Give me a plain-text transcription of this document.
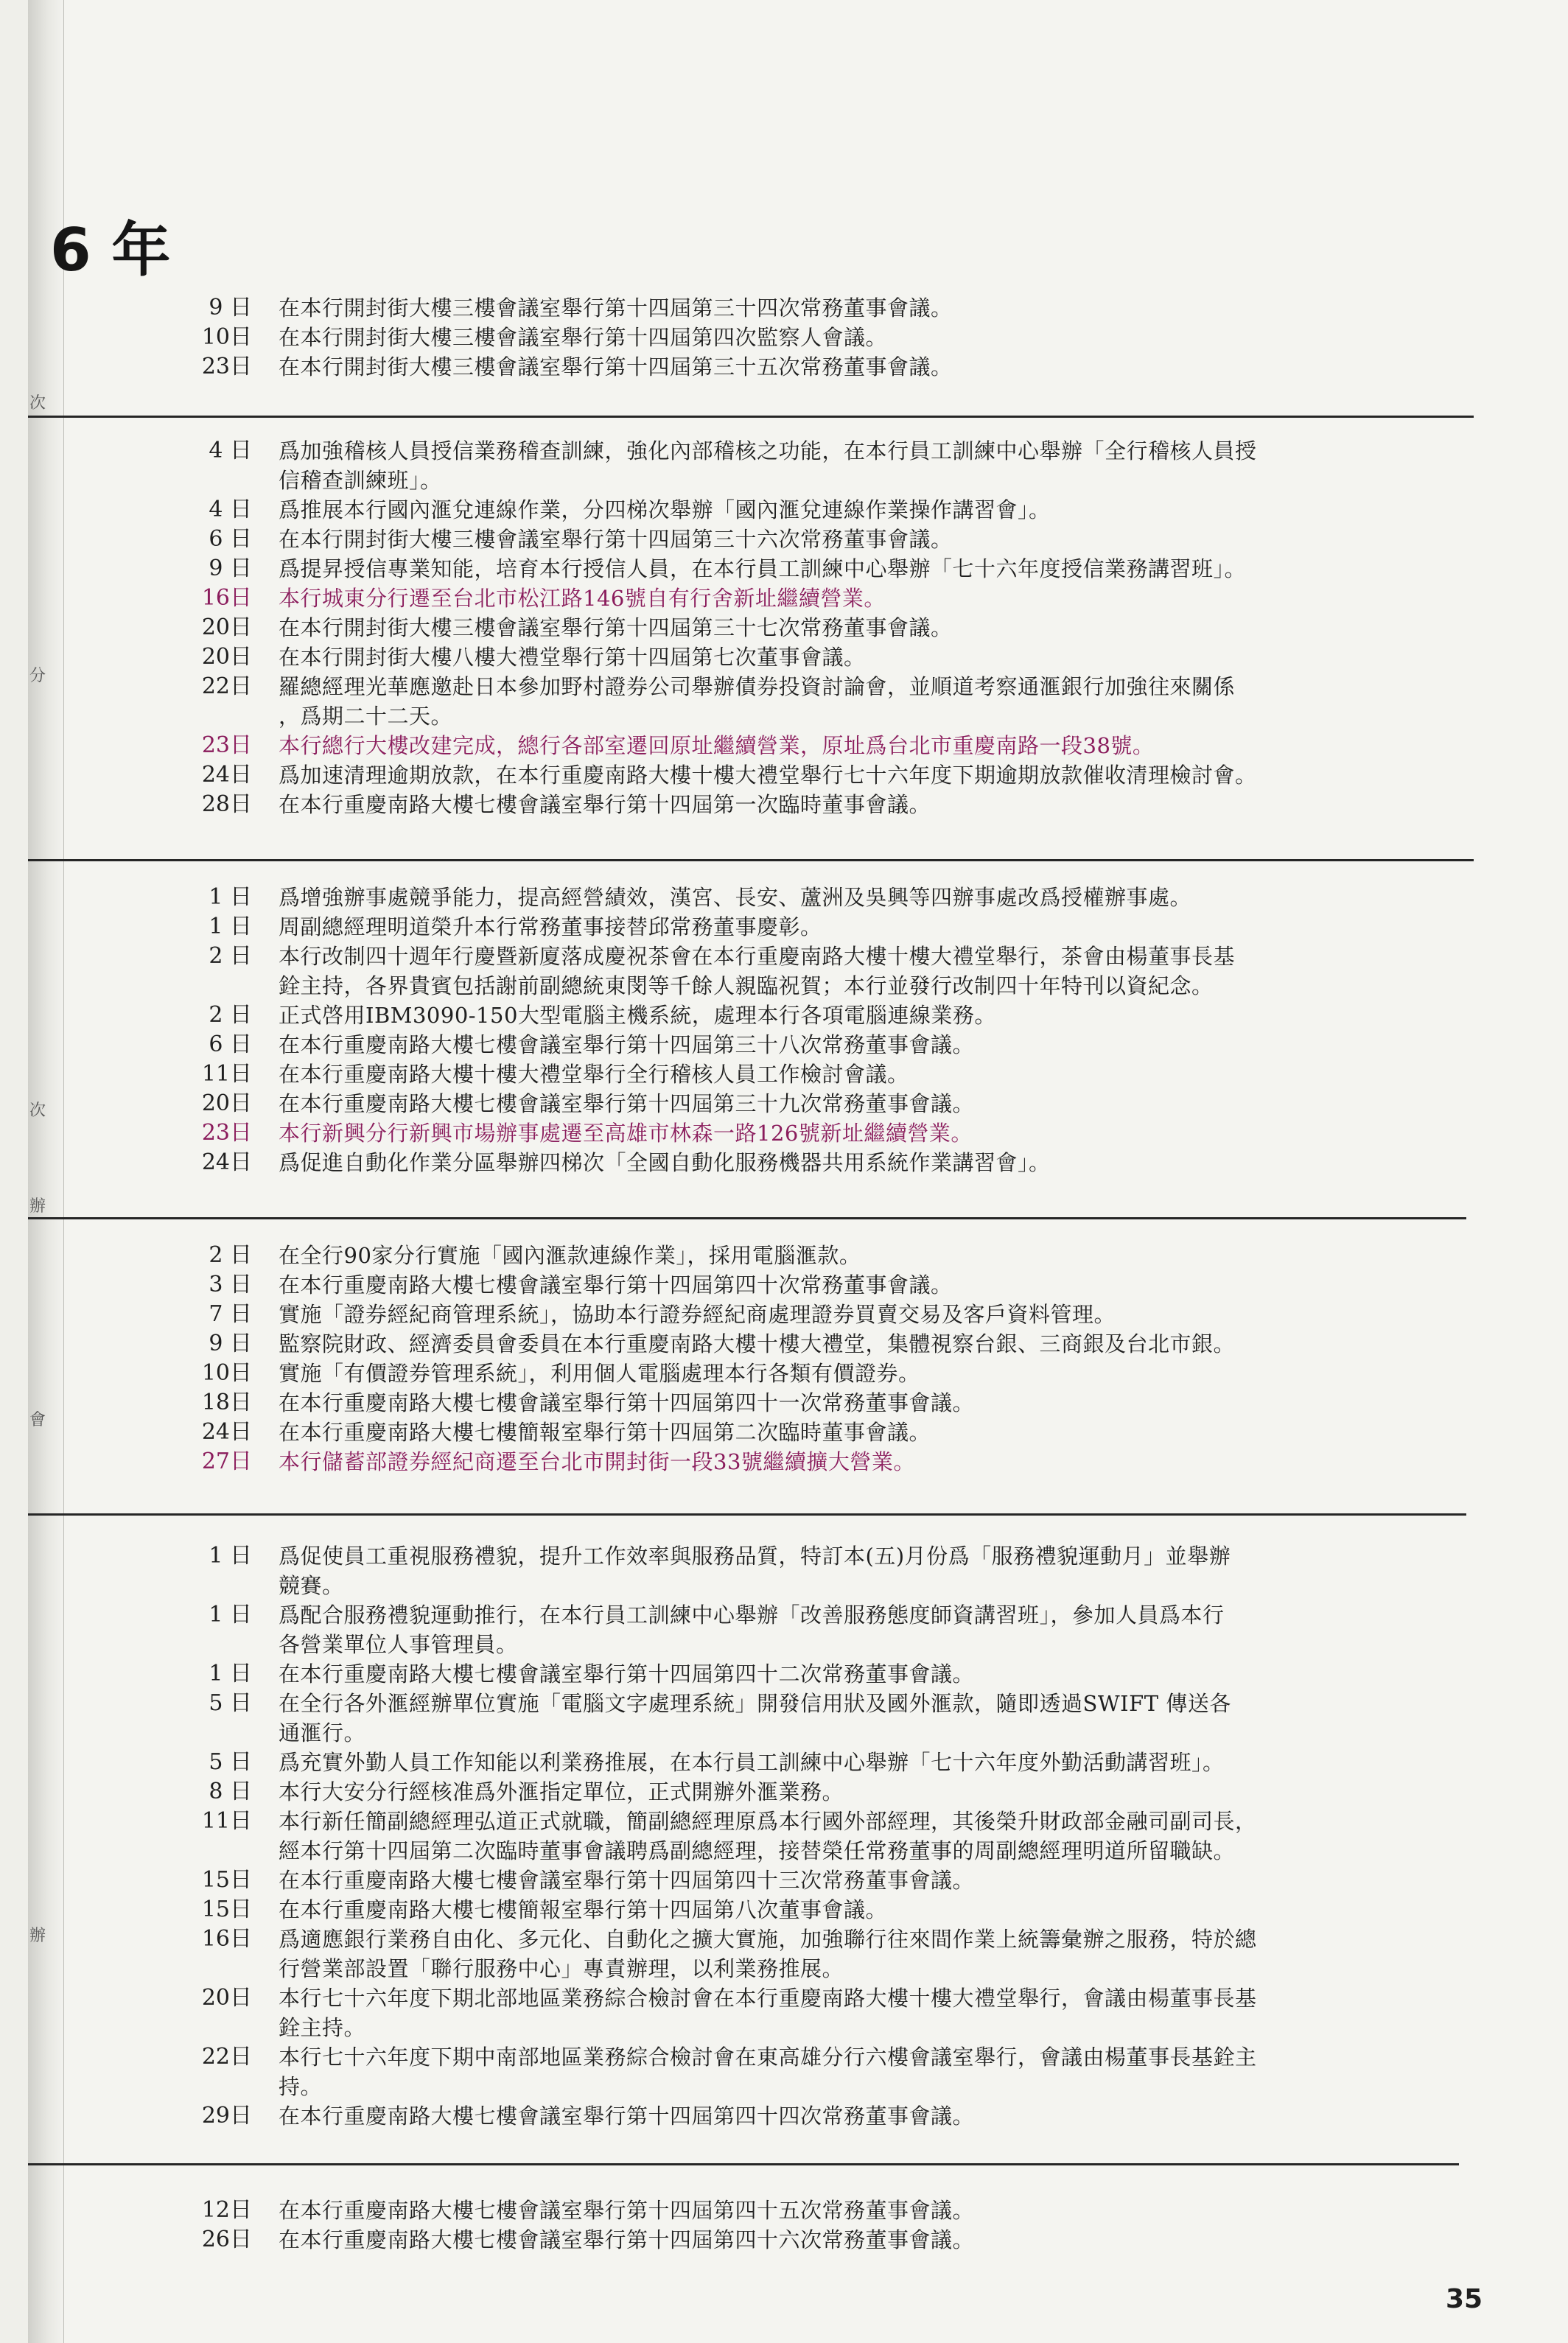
次
分
次
辦
會
辦
6 年
9 日 在本行開封街大樓三樓會議室舉行第十四屆第三十四次常務董事會議。
10日 在本行開封街大樓三樓會議室舉行第十四屆第四次監察人會議。
23日 在本行開封街大樓三樓會議室舉行第十四屆第三十五次常務董事會議。
4 日 爲加強稽核人員授信業務稽查訓練，強化內部稽核之功能，在本行員工訓練中心舉辦「全行稽核人員授
信稽查訓練班」。
4 日 爲推展本行國內滙兌連線作業，分四梯次舉辦「國內滙兌連線作業操作講習會」。
6 日 在本行開封街大樓三樓會議室舉行第十四屆第三十六次常務董事會議。
9 日 爲提昇授信專業知能，培育本行授信人員，在本行員工訓練中心舉辦「七十六年度授信業務講習班」。
16日 本行城東分行遷至台北市松江路146號自有行舍新址繼續營業。
20日 在本行開封街大樓三樓會議室舉行第十四屆第三十七次常務董事會議。
20日 在本行開封街大樓八樓大禮堂舉行第十四屆第七次董事會議。
22日 羅總經理光華應邀赴日本參加野村證券公司舉辦債券投資討論會，並順道考察通滙銀行加強往來關係
，爲期二十二天。
23日 本行總行大樓改建完成，總行各部室遷回原址繼續營業，原址爲台北市重慶南路一段38號。
24日 爲加速清理逾期放款，在本行重慶南路大樓十樓大禮堂舉行七十六年度下期逾期放款催收清理檢討會。
28日 在本行重慶南路大樓七樓會議室舉行第十四屆第一次臨時董事會議。
1 日 爲增強辦事處競爭能力，提高經營績效，漢宮、長安、蘆洲及吳興等四辦事處改爲授權辦事處。
1 日 周副總經理明道榮升本行常務董事接替邱常務董事慶彰。
2 日 本行改制四十週年行慶暨新廈落成慶祝茶會在本行重慶南路大樓十樓大禮堂舉行，茶會由楊董事長基
銓主持，各界貴賓包括謝前副總統東閔等千餘人親臨祝賀；本行並發行改制四十年特刊以資紀念。
2 日 正式啓用IBM3090-150大型電腦主機系統，處理本行各項電腦連線業務。
6 日 在本行重慶南路大樓七樓會議室舉行第十四屆第三十八次常務董事會議。
11日 在本行重慶南路大樓十樓大禮堂舉行全行稽核人員工作檢討會議。
20日 在本行重慶南路大樓七樓會議室舉行第十四屆第三十九次常務董事會議。
23日 本行新興分行新興市場辦事處遷至高雄市林森一路126號新址繼續營業。
24日 爲促進自動化作業分區舉辦四梯次「全國自動化服務機器共用系統作業講習會」。
2 日 在全行90家分行實施「國內滙款連線作業」，採用電腦滙款。
3 日 在本行重慶南路大樓七樓會議室舉行第十四屆第四十次常務董事會議。
7 日 實施「證券經紀商管理系統」，協助本行證券經紀商處理證券買賣交易及客戶資料管理。
9 日 監察院財政、經濟委員會委員在本行重慶南路大樓十樓大禮堂，集體視察台銀、三商銀及台北市銀。
10日 實施「有價證券管理系統」，利用個人電腦處理本行各類有價證券。
18日 在本行重慶南路大樓七樓會議室舉行第十四屆第四十一次常務董事會議。
24日 在本行重慶南路大樓七樓簡報室舉行第十四屆第二次臨時董事會議。
27日 本行儲蓄部證券經紀商遷至台北市開封街一段33號繼續擴大營業。
1 日 爲促使員工重視服務禮貌，提升工作效率與服務品質，特訂本(五)月份爲「服務禮貌運動月」並舉辦
競賽。
1 日 爲配合服務禮貌運動推行，在本行員工訓練中心舉辦「改善服務態度師資講習班」，參加人員爲本行
各營業單位人事管理員。
1 日 在本行重慶南路大樓七樓會議室舉行第十四屆第四十二次常務董事會議。
5 日 在全行各外滙經辦單位實施「電腦文字處理系統」開發信用狀及國外滙款，隨即透過SWIFT 傳送各
通滙行。
5 日 爲充實外勤人員工作知能以利業務推展，在本行員工訓練中心舉辦「七十六年度外勤活動講習班」。
8 日 本行大安分行經核准爲外滙指定單位，正式開辦外滙業務。
11日 本行新任簡副總經理弘道正式就職，簡副總經理原爲本行國外部經理，其後榮升財政部金融司副司長，
經本行第十四屆第二次臨時董事會議聘爲副總經理，接替榮任常務董事的周副總經理明道所留職缺。
15日 在本行重慶南路大樓七樓會議室舉行第十四屆第四十三次常務董事會議。
15日 在本行重慶南路大樓七樓簡報室舉行第十四屆第八次董事會議。
16日 爲適應銀行業務自由化、多元化、自動化之擴大實施，加強聯行往來間作業上統籌彙辦之服務，特於總
行營業部設置「聯行服務中心」專責辦理，以利業務推展。
20日 本行七十六年度下期北部地區業務綜合檢討會在本行重慶南路大樓十樓大禮堂舉行，會議由楊董事長基
銓主持。
22日 本行七十六年度下期中南部地區業務綜合檢討會在東高雄分行六樓會議室舉行，會議由楊董事長基銓主
持。
29日 在本行重慶南路大樓七樓會議室舉行第十四屆第四十四次常務董事會議。
12日 在本行重慶南路大樓七樓會議室舉行第十四屆第四十五次常務董事會議。
26日 在本行重慶南路大樓七樓會議室舉行第十四屆第四十六次常務董事會議。
35
